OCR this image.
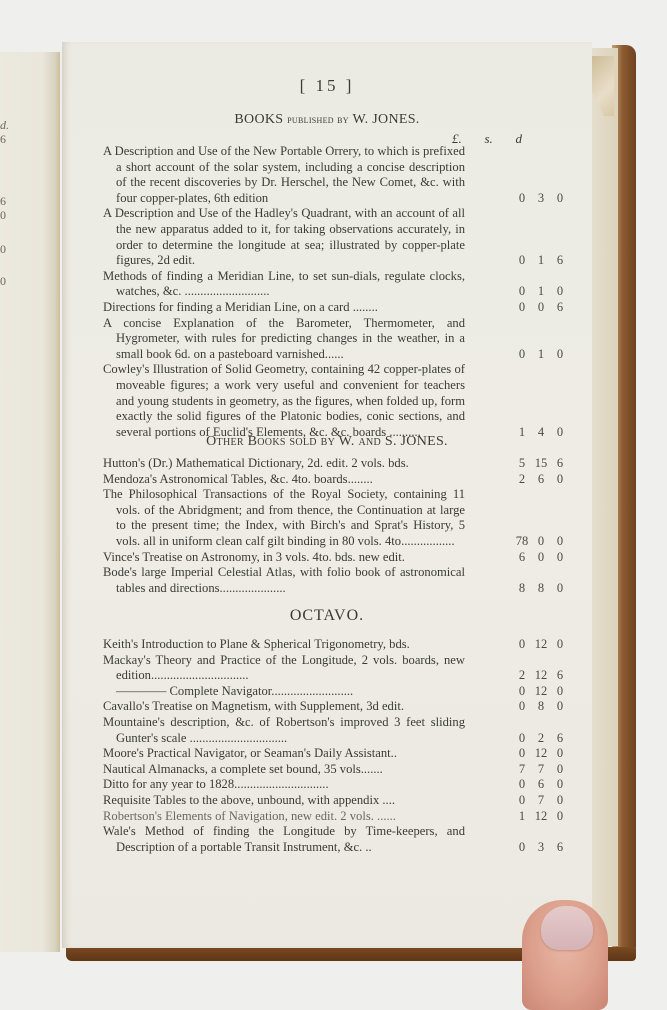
d.
6
6
0
0
0
[ 15 ]
BOOKS published by W. JONES.
£. s. d
A Description and Use of the New Portable Orrery, to which is prefixed a short account of the solar system, including a concise description of the recent discoveries by Dr. Herschel, the New Comet, &c. with four copper-plates, 6th edition	0	3	0
A Description and Use of the Hadley's Quadrant, with an account of all the new apparatus added to it, for taking observations accurately, in order to determine the longitude at sea; illustrated by copper-plate figures, 2d edit.	0	1	6
Methods of finding a Meridian Line, to set sun-dials, regulate clocks, watches, &c. ...........................	0	1	0
Directions for finding a Meridian Line, on a card ........	0	0	6
A concise Explanation of the Barometer, Thermometer, and Hygrometer, with rules for predicting changes in the weather, in a small book 6d. on a pasteboard varnished......	0	1	0
Cowley's Illustration of Solid Geometry, containing 42 copper-plates of moveable figures; a work very useful and convenient for teachers and young students in geometry, as the figures, when folded up, form exactly the solid figures of the Platonic bodies, conic sections, and several portions of Euclid's Elements, &c. &c. boards ..........	1	4	0
Other Books sold by W. and S. JONES.
Hutton's (Dr.) Mathematical Dictionary, 2d. edit. 2 vols. bds.	5 15 6
Mendoza's Astronomical Tables, &c. 4to. boards........	2	6	0
The Philosophical Transactions of the Royal Society, containing 11 vols. of the Abridgment; and from thence, the Continuation at large to the present time; the Index, with Birch's and Sprat's History, 5 vols. all in uniform clean calf gilt binding in 80 vols. 4to.................	78 0	0
Vince's Treatise on Astronomy, in 3 vols. 4to. bds. new edit.	6	0	0
Bode's large Imperial Celestial Atlas, with folio book of astronomical tables and directions.....................	8	8	0
OCTAVO.
Keith's Introduction to Plane & Spherical Trigonometry, bds.	0 12 0
Mackay's Theory and Practice of the Longitude, 2 vols. boards, new edition...............................	2 12 6
———— Complete Navigator..........................	0 12 0
Cavallo's Treatise on Magnetism, with Supplement, 3d edit.	0	8	0
Mountaine's description, &c. of Robertson's improved 3 feet sliding Gunter's scale ...............................	0	2	6
Moore's Practical Navigator, or Seaman's Daily Assistant..	0 12 0
Nautical Almanacks, a complete set bound, 35 vols.......	7	7	0
Ditto for any year to 1828..............................	0	6	0
Requisite Tables to the above, unbound, with appendix ....	0	7	0
Robertson's Elements of Navigation, new edit. 2 vols. ......	1 12 0
Wale's Method of finding the Longitude by Time-keepers, and Description of a portable Transit Instrument, &c. ..	0	3	6
